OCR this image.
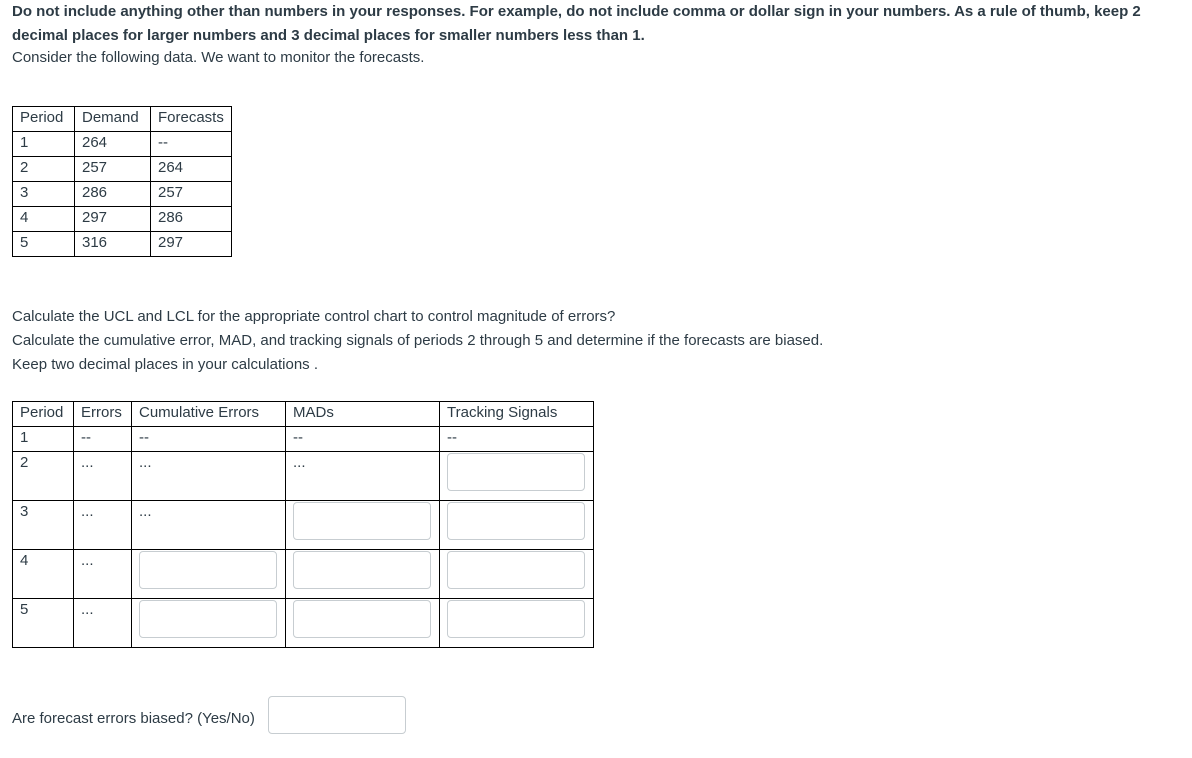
Do not include anything other than numbers in your responses. For example, do not include comma or dollar sign in your numbers. As a rule of thumb, keep 2 decimal places for larger numbers and 3 decimal places for smaller numbers less than 1.

Consider the following data. We want to monitor the forecasts.

Period	Demand	Forecasts
1	264	--
2	257	264
3	286	257
4	297	286
5	316	297

Calculate the UCL and LCL for the appropriate control chart to control magnitude of errors?

Calculate the cumulative error, MAD, and tracking signals of periods 2 through 5 and determine if the forecasts are biased.

Keep two decimal places in your calculations .

Period	Errors	Cumulative Errors	MADs	Tracking Signals
1	--	--	--	--
2	...	...	...	

3	...	...	

4	...	

5	...	

Are forecast errors biased? (Yes/No)
